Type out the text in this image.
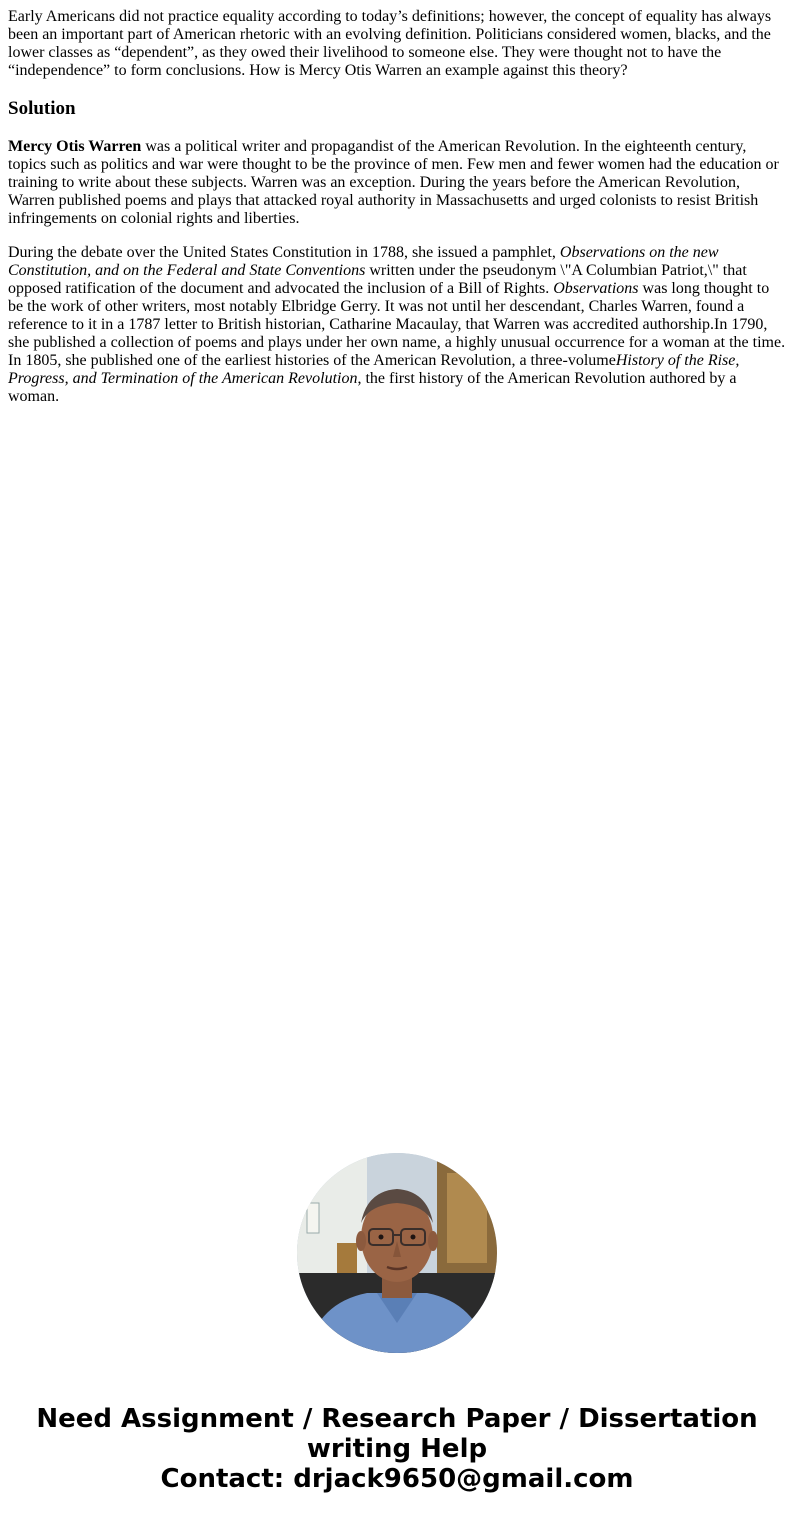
Early Americans did not practice equality according to today’s definitions; however, the concept of equality has always been an important part of American rhetoric with an evolving definition. Politicians considered women, blacks, and the lower classes as “dependent”, as they owed their livelihood to someone else. They were thought not to have the “independence” to form conclusions. How is Mercy Otis Warren an example against this theory?

Solution

Mercy Otis Warren was a political writer and propagandist of the American Revolution. In the eighteenth century, topics such as politics and war were thought to be the province of men. Few men and fewer women had the education or training to write about these subjects. Warren was an exception. During the years before the American Revolution, Warren published poems and plays that attacked royal authority in Massachusetts and urged colonists to resist British infringements on colonial rights and liberties.

During the debate over the United States Constitution in 1788, she issued a pamphlet, Observations on the new Constitution, and on the Federal and State Conventions written under the pseudonym \"A Columbian Patriot,\" that opposed ratification of the document and advocated the inclusion of a Bill of Rights. Observations was long thought to be the work of other writers, most notably Elbridge Gerry. It was not until her descendant, Charles Warren, found a reference to it in a 1787 letter to British historian, Catharine Macaulay, that Warren was accredited authorship.In 1790, she published a collection of poems and plays under her own name, a highly unusual occurrence for a woman at the time. In 1805, she published one of the earliest histories of the American Revolution, a three-volumeHistory of the Rise, Progress, and Termination of the American Revolution, the first history of the American Revolution authored by a woman.

Need Assignment / Research Paper / Dissertation
writing Help
Contact: drjack9650@gmail.com
